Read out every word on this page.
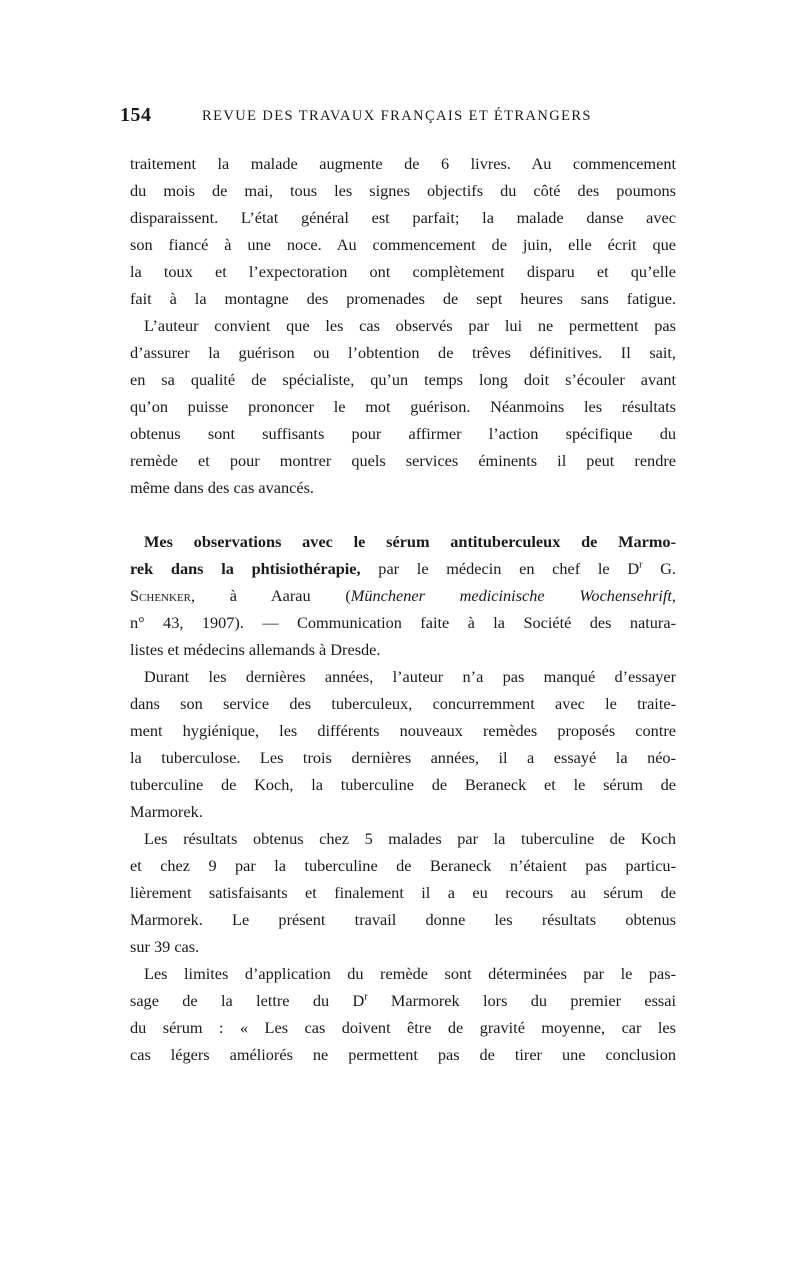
154	REVUE DES TRAVAUX FRANÇAIS ET ÉTRANGERS
traitement la malade augmente de 6 livres. Au commencement
du mois de mai, tous les signes objectifs du côté des poumons
disparaissent. L’état général est parfait; la malade danse avec
son fiancé à une noce. Au commencement de juin, elle écrit que
la toux et l’expectoration ont complètement disparu et qu’elle
fait à la montagne des promenades de sept heures sans fatigue.
L’auteur convient que les cas observés par lui ne permettent pas
d’assurer la guérison ou l’obtention de trêves définitives. Il sait,
en sa qualité de spécialiste, qu’un temps long doit s’écouler avant
qu’on puisse prononcer le mot guérison. Néanmoins les résultats
obtenus sont suffisants pour affirmer l’action spécifique du
remède et pour montrer quels services éminents il peut rendre
même dans des cas avancés.
Mes observations avec le sérum antituberculeux de Marmo-
rek dans la phtisiothérapie, par le médecin en chef le $D^r$ G.
Schenker, à Aarau (Münchener medicinische Wochensehrift,
n° 43, 1907). — Communication faite à la Société des natura-
listes et médecins allemands à Dresde.
Durant les dernières années, l’auteur n’a pas manqué d’essayer
dans son service des tuberculeux, concurremment avec le traite-
ment hygiénique, les différents nouveaux remèdes proposés contre
la tuberculose. Les trois dernières années, il a essayé la néo-
tuberculine de Koch, la tuberculine de Beraneck et le sérum de
Marmorek.
Les résultats obtenus chez 5 malades par la tuberculine de Koch
et chez 9 par la tuberculine de Beraneck n’étaient pas particu-
lièrement satisfaisants et finalement il a eu recours au sérum de
Marmorek. Le présent travail donne les résultats obtenus
sur 39 cas.
Les limites d’application du remède sont déterminées par le pas-
sage de la lettre du $D^r$ Marmorek lors du premier essai
du sérum : « Les cas doivent être de gravité moyenne, car les
cas légers améliorés ne permettent pas de tirer une conclusion
